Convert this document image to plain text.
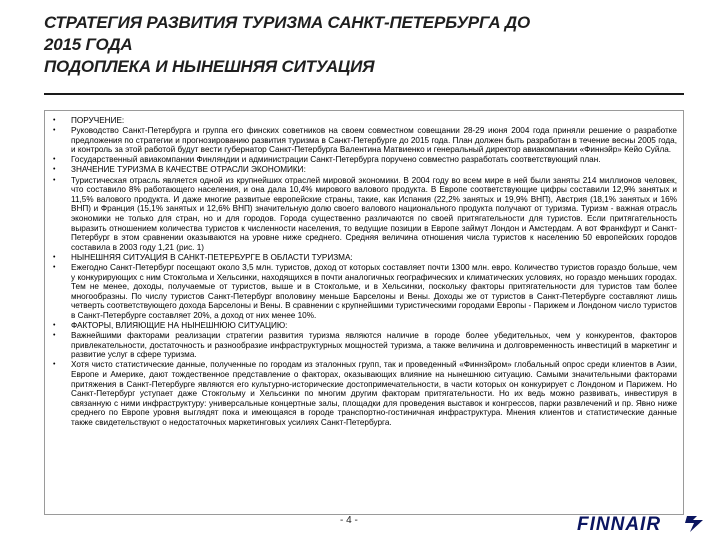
СТРАТЕГИЯ РАЗВИТИЯ ТУРИЗМА САНКТ-ПЕТЕРБУРГА ДО
2015 ГОДА
ПОДОПЛЕКА И НЫНЕШНЯЯ СИТУАЦИЯ
• ПОРУЧЕНИЕ:
• Руководство Санкт-Петербурга и группа его финских советников на своем совместном совещании 28-29 июня 2004 года приняли решение о разработке предложения по стратегии и прогнозированию развития туризма в Санкт-Петербурге до 2015 года. План должен быть разработан в течение весны 2005 года, и контроль за этой работой будут вести губернатор Санкт-Петербурга Валентина Матвиенко и генеральный директор авиакомпании «Финнэйр» Кейо Суйла.
• Государственный авиакомпании Финляндии и администрации Санкт-Петербурга поручено совместно разработать соответствующий план.
• ЗНАЧЕНИЕ ТУРИЗМА В КАЧЕСТВЕ ОТРАСЛИ ЭКОНОМИКИ:
• Туристическая отрасль является одной из крупнейших отраслей мировой экономики. В 2004 году во всем мире в ней были заняты 214 миллионов человек, что составило 8% работающего населения, и она дала 10,4% мирового валового продукта. В Европе соответствующие цифры составили 12,9% занятых и 11,5% валового продукта. И даже многие развитые европейские страны, такие, как Испания (22,2% занятых и 19,9% ВНП), Австрия (18,1% занятых и 16% ВНП) и Франция (15,1% занятых и 12,6% ВНП) значительную долю своего валового национального продукта получают от туризма. Туризм - важная отрасль экономики не только для стран, но и для городов. Города существенно различаются по своей притягательности для туристов. Если притягательность выразить отношением количества туристов к численности населения, то ведущие позиции в Европе займут Лондон и Амстердам. А вот Франкфурт и Санкт-Петербург в этом сравнении оказываются на уровне ниже среднего. Средняя величина отношения числа туристов к населению 50 европейских городов составила в 2003 году 1,21 (рис. 1)
• НЫНЕШНЯЯ СИТУАЦИЯ В САНКТ-ПЕТЕРБУРГЕ В ОБЛАСТИ ТУРИЗМА:
• Ежегодно Санкт-Петербург посещают около 3,5 млн. туристов, доход от которых составляет почти 1300 млн. евро. Количество туристов гораздо больше, чем у конкурирующих с ним Стокгольма и Хельсинки, находящихся в почти аналогичных географических и климатических условиях, но гораздо меньших городах. Тем не менее, доходы, получаемые от туристов, выше и в Стокгольме, и в Хельсинки, поскольку факторы притягательности для туристов там более многообразны. По числу туристов Санкт-Петербург вполовину меньше Барселоны и Вены. Доходы же от туристов в Санкт-Петербурге составляют лишь четверть соответствующего дохода Барселоны и Вены. В сравнении с крупнейшими туристическими городами Европы - Парижем и Лондоном число туристов в Санкт-Петербурге составляет 20%, а доход от них менее 10%.
• ФАКТОРЫ, ВЛИЯЮЩИЕ НА НЫНЕШНЮЮ СИТУАЦИЮ:
• Важнейшими факторами реализации стратегии развития туризма являются наличие в городе более убедительных, чем у конкурентов, факторов привлекательности, достаточность и разнообразие инфраструктурных мощностей туризма, а также величина и долговременность инвестиций в маркетинг и развитие услуг в сфере туризма.
• Хотя чисто статистические данные, полученные по городам из эталонных групп, так и проведенный «Финнэйром» глобальный опрос среди клиентов в Азии, Европе и Америке, дают тождественное представление о факторах, оказывающих влияние на нынешнюю ситуацию. Самыми значительными факторами притяжения в Санкт-Петербурге являются его культурно-исторические достопримечательности, в части которых он конкурирует с Лондоном и Парижем. Но Санкт-Петербург уступает даже Стокгольму и Хельсинки по многим другим факторам притягательности. Но их ведь можно развивать, инвестируя в связанную с ними инфраструктуру: универсальные концертные залы, площадки для проведения выставок и конгрессов, парки развлечений и пр. Явно ниже среднего по Европе уровня выглядят пока и имеющаяся в городе транспортно-гостиничная инфраструктура. Мнения клиентов и статистические данные также свидетельствуют о недостаточных маркетинговых усилиях Санкт-Петербурга.
- 4 -	FINNAIR
